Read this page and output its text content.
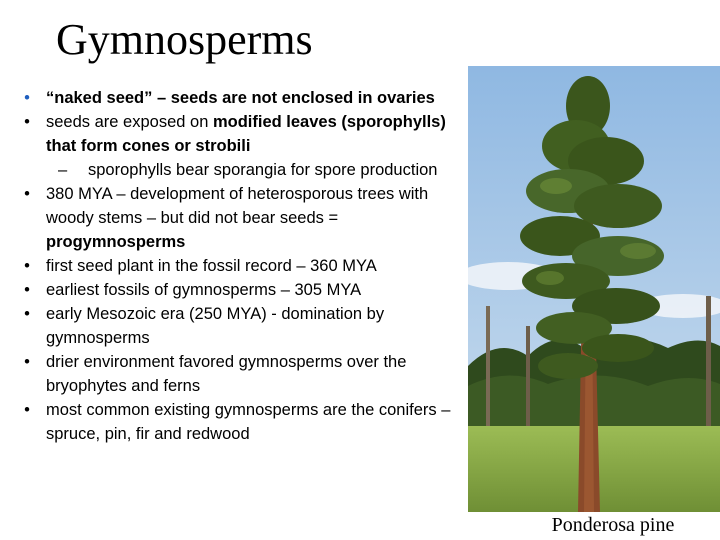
Gymnosperms
• “naked seed” – seeds are not enclosed in ovaries
• seeds are exposed on modified leaves (sporophylls) that form cones or strobili
– sporophylls bear sporangia for spore production
• 380 MYA – development of heterosporous trees with woody stems – but did not bear seeds = progymnosperms
• first seed plant in the fossil record – 360 MYA
• earliest fossils of gymnosperms – 305 MYA
• early Mesozoic era (250 MYA) - domination by gymnosperms
• drier environment favored gymnosperms over the bryophytes and ferns
• most common existing gymnosperms are the conifers – spruce, pin, fir and redwood
Ponderosa pine
